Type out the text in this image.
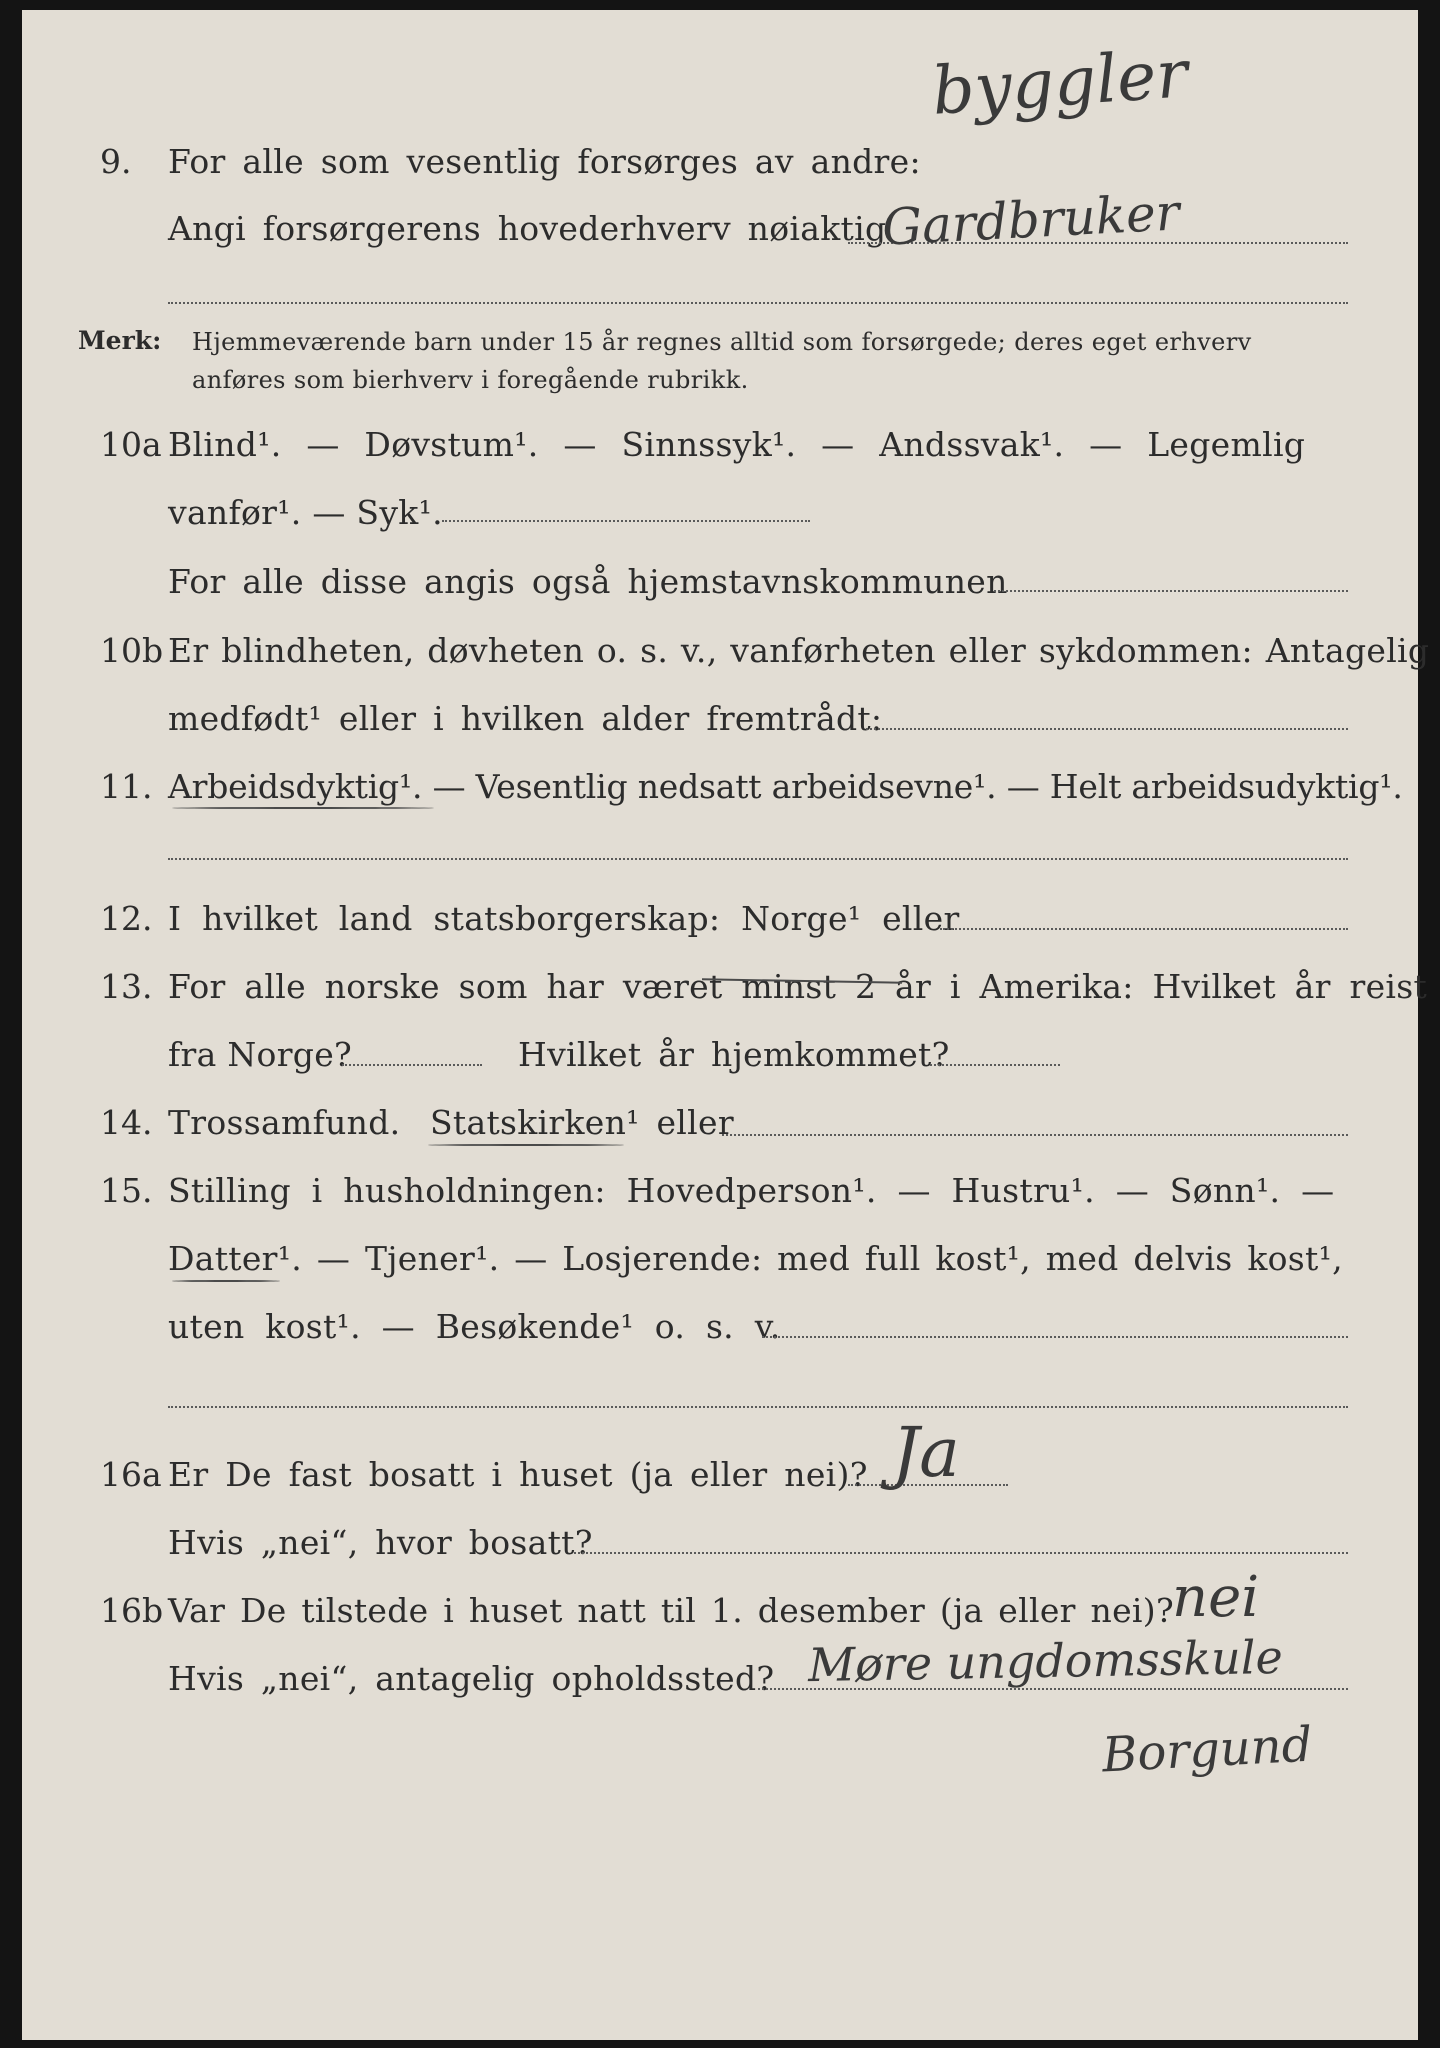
byggler
9. For alle som vesentlig forsørges av andre:
Angi forsørgerens hovederhverv nøiaktig
Gardbruker
Merk: Hjemmeværende barn under 15 år regnes alltid som forsørgede; deres eget erhverv
anføres som bierhverv i foregående rubrikk.
10a Blind¹. — Døvstum¹. — Sinnssyk¹. — Andssvak¹. — Legemlig
vanfør¹. — Syk¹.
For alle disse angis også hjemstavnskommunen
10b Er blindheten, døvheten o. s. v., vanførheten eller sykdommen: Antagelig
medfødt¹ eller i hvilken alder fremtrådt:
11. Arbeidsdyktig¹. — Vesentlig nedsatt arbeidsevne¹. — Helt arbeidsudyktig¹.
12. I hvilket land statsborgerskap: Norge¹ eller
13. For alle norske som har været minst 2 år i Amerika: Hvilket år reist
fra Norge?	Hvilket år hjemkommet?
14. Trossamfund. Statskirken¹ eller
15. Stilling i husholdningen: Hovedperson¹. — Hustru¹. — Sønn¹. —
Datter¹. — Tjener¹. — Losjerende: med full kost¹, med delvis kost¹,
uten kost¹. — Besøkende¹ o. s. v.
16a Er De fast bosatt i huset (ja eller nei)? Ja
Hvis „nei“, hvor bosatt?
16b Var De tilstede i huset natt til 1. desember (ja eller nei)?
nei
Hvis „nei“, antagelig opholdssted? Møre ungdomsskule
Borgund
